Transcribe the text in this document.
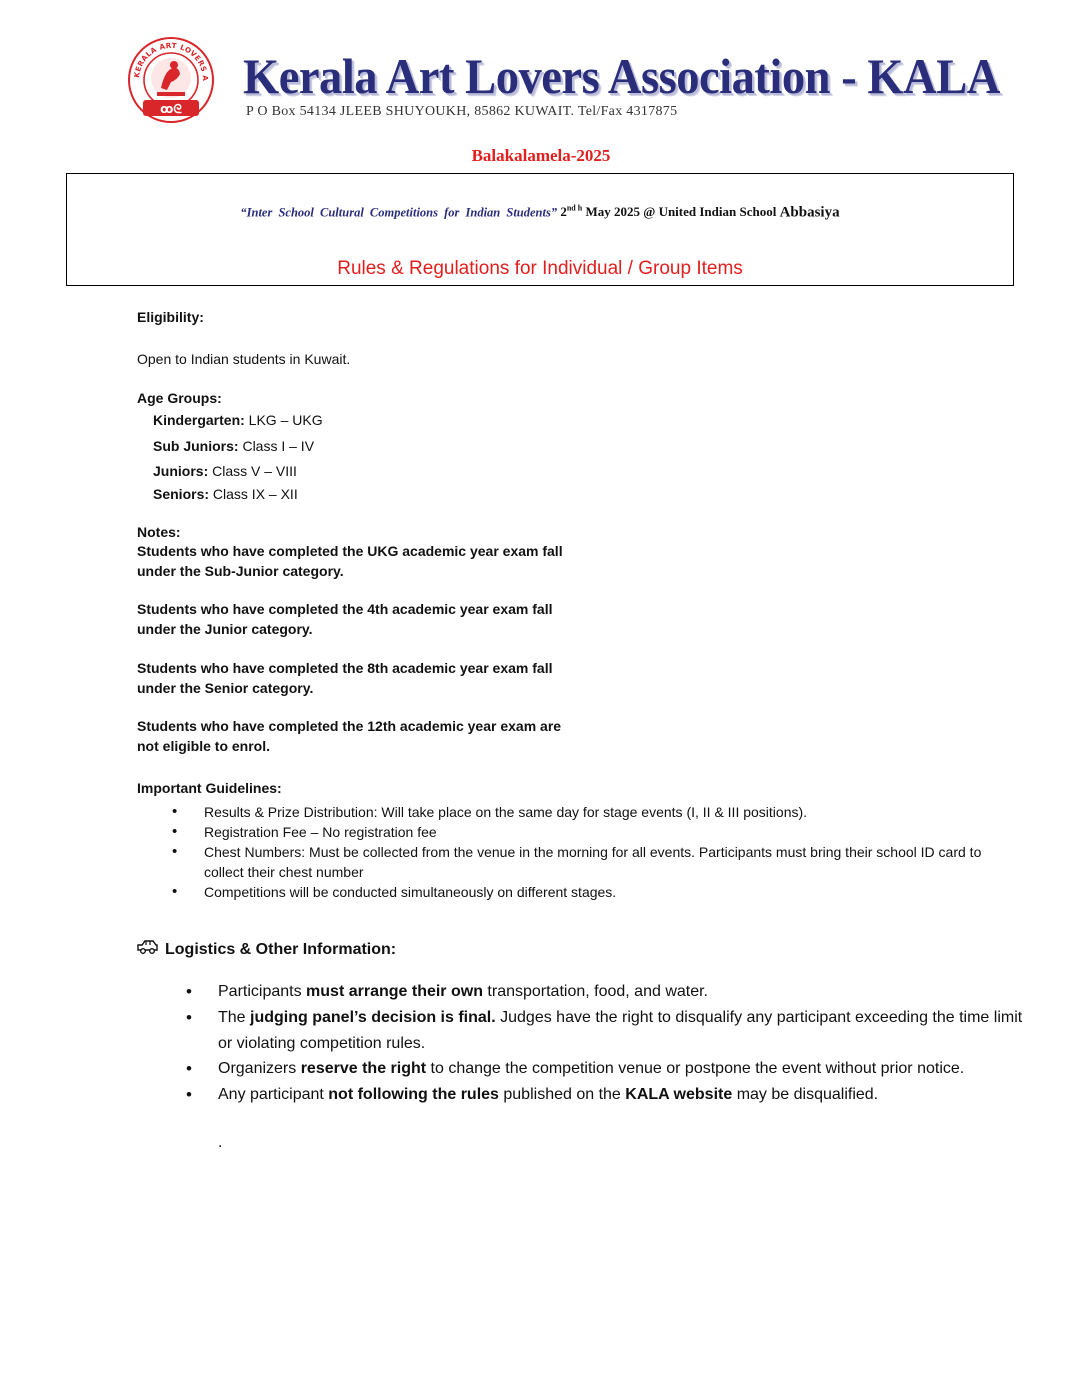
KERALA ART LOVERS A
ꝏᘓ
Kerala Art Lovers Association - KALA
P O Box 54134 JLEEB SHUYOUKH, 85862 KUWAIT. Tel/Fax 4317875
Balakalamela-2025
“Inter School Cultural Competitions for Indian Students” $2^{nd h}$ May 2025 @ United Indian School Abbasiya
Rules & Regulations for Individual / Group Items
Eligibility:
Open to Indian students in Kuwait.
Age Groups:
Kindergarten: LKG – UKG
Sub Juniors: Class I – IV
Juniors: Class V – VIII
Seniors: Class IX – XII
Notes:
Students who have completed the UKG academic year exam fall
under the Sub-Junior category.
Students who have completed the 4th academic year exam fall
under the Junior category.
Students who have completed the 8th academic year exam fall
under the Senior category.
Students who have completed the 12th academic year exam are
not eligible to enrol.
Important Guidelines:
• Results & Prize Distribution: Will take place on the same day for stage events (I, II & III positions).
• Registration Fee – No registration fee
• Chest Numbers: Must be collected from the venue in the morning for all events. Participants must bring their school ID card to
collect their chest number
• Competitions will be conducted simultaneously on different stages.
Logistics & Other Information:
• Participants must arrange their own transportation, food, and water.
• The judging panel’s decision is final. Judges have the right to disqualify any participant exceeding the time limit
or violating competition rules.
• Organizers reserve the right to change the competition venue or postpone the event without prior notice.
• Any participant not following the rules published on the KALA website may be disqualified.
.
